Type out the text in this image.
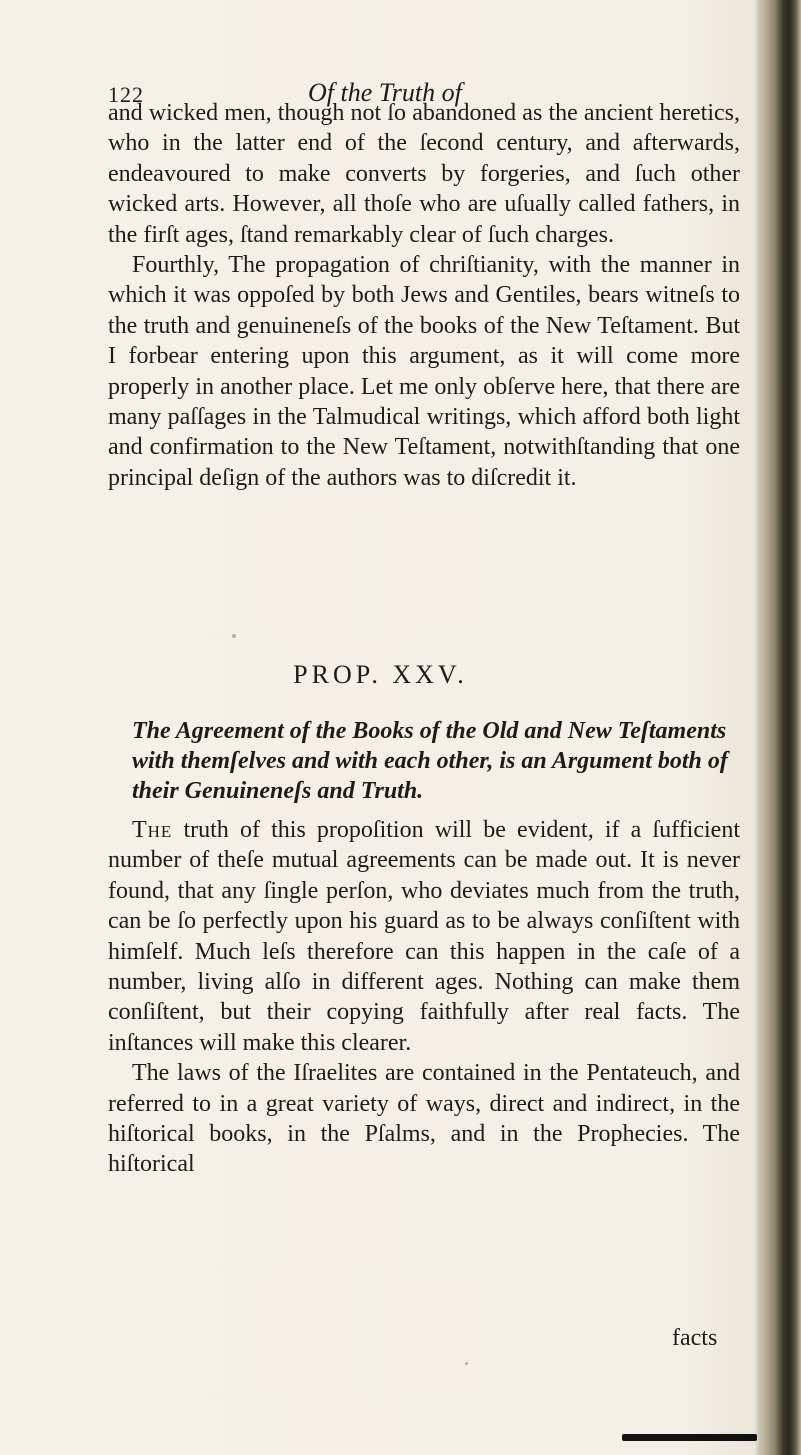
122	Of the Truth of

and wicked men, though not ſo abandoned as the ancient heretics, who in the latter end of the ſecond century, and afterwards, endeavoured to make converts by forgeries, and ſuch other wicked arts. However, all thoſe who are uſually called fathers, in the firſt ages, ſtand remarkably clear of ſuch charges.

Fourthly, The propagation of chriſtianity, with the manner in which it was oppoſed by both Jews and Gentiles, bears witneſs to the truth and genuineneſs of the books of the New Teſtament. But I forbear entering upon this argument, as it will come more properly in another place. Let me only obſerve here, that there are many paſſages in the Talmudical writings, which afford both light and confirmation to the New Teſtament, notwithſtanding that one principal deſign of the authors was to diſcredit it.

PROP. XXV.
The Agreement of the Books of the Old and New Teſtaments with themſelves and with each other, is an Argument both of their Genuineneſs and Truth.

The truth of this propoſition will be evident, if a ſufficient number of theſe mutual agreements can be made out. It is never found, that any ſingle perſon, who deviates much from the truth, can be ſo perfectly upon his guard as to be always conſiſtent with himſelf. Much leſs therefore can this happen in the caſe of a number, living alſo in different ages. Nothing can make them conſiſtent, but their copying faithfully after real facts. The inſtances will make this clearer.

The laws of the Iſraelites are contained in the Pentateuch, and referred to in a great variety of ways, direct and indirect, in the hiſtorical books, in the Pſalms, and in the Prophecies. The hiſtorical

facts
